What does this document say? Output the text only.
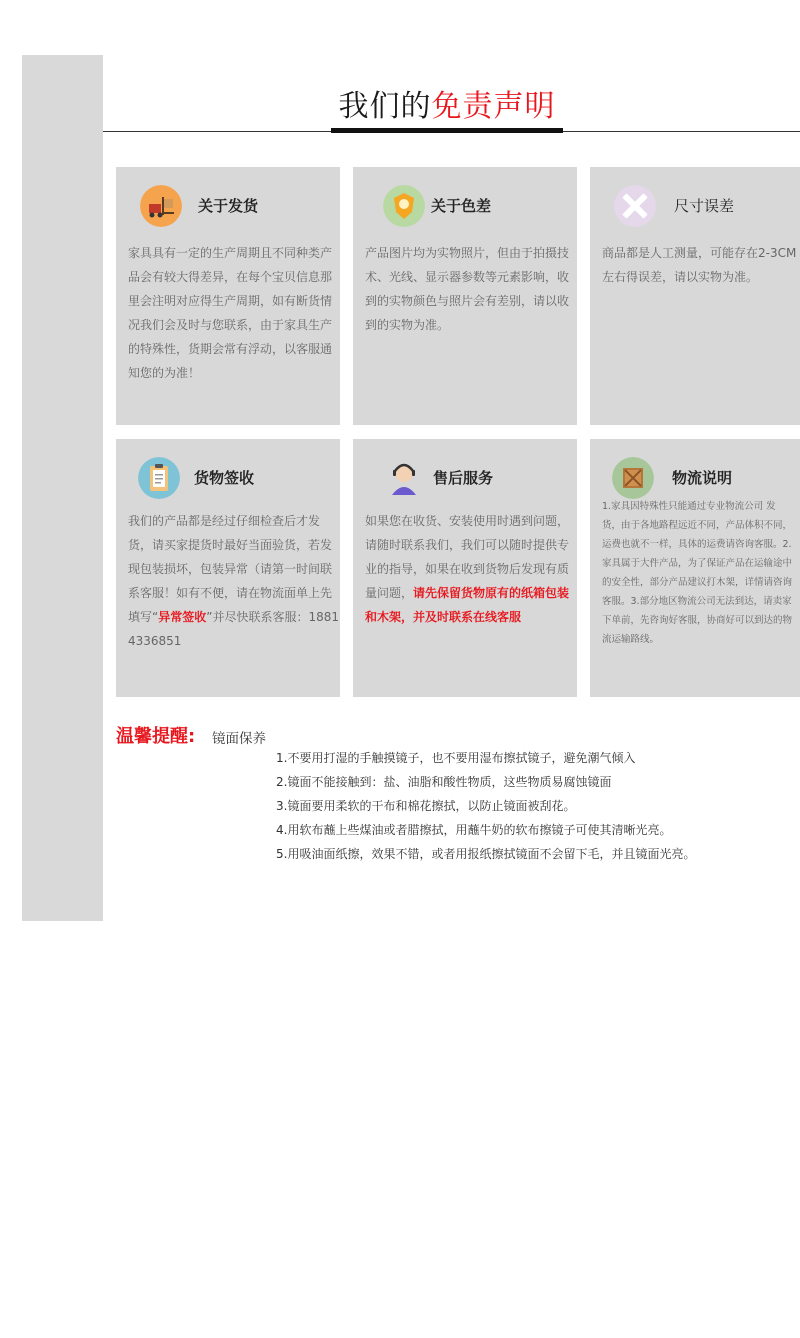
我们的免责声明
关于发货
家具具有一定的生产周期且不同种类产品会有较大得差异，在每个宝贝信息那里会注明对应得生产周期，如有断货情况我们会及时与您联系，由于家具生产的特殊性，货期会常有浮动，以客服通知您的为准！
关于色差
产品图片均为实物照片，但由于拍摄技术、光线、显示器参数等元素影响，收到的实物颜色与照片会有差别，请以收到的实物为准。
尺寸误差
商品都是人工测量，可能存在2-3CM左右得误差，请以实物为准。
货物签收
我们的产品都是经过仔细检查后才发货，请买家提货时最好当面验货，若发现包装损坏，包装异常（请第一时间联系客服！如有不便，请在物流面单上先填写“异常签收”并尽快联系客服：18814336851
售后服务
如果您在收货、安装使用时遇到问题，请随时联系我们，我们可以随时提供专业的指导，如果在收到货物后发现有质量问题，请先保留货物原有的纸箱包装和木架，并及时联系在线客服
物流说明
1.家具因特殊性只能通过专业物流公司 发货，由于各地路程远近不同，产品体积不同，运费也就不一样，具体的运费请咨询客服。2.家具属于大件产品，为了保证产品在运输途中的安全性，部分产品建议打木架，详情请咨询客服。3.部分地区物流公司无法到达，请卖家下单前，先咨询好客服，协商好可以到达的物流运输路线。
温馨提醒: 镜面保养
1.不要用打湿的手触摸镜子，也不要用湿布擦拭镜子，避免潮气倾入
2.镜面不能接触到：盐、油脂和酸性物质，这些物质易腐蚀镜面
3.镜面要用柔软的干布和棉花擦拭，以防止镜面被刮花。
4.用软布蘸上些煤油或者腊擦拭，用蘸牛奶的软布擦镜子可使其清晰光亮。
5.用吸油面纸擦，效果不错，或者用报纸擦拭镜面不会留下毛，并且镜面光亮。
